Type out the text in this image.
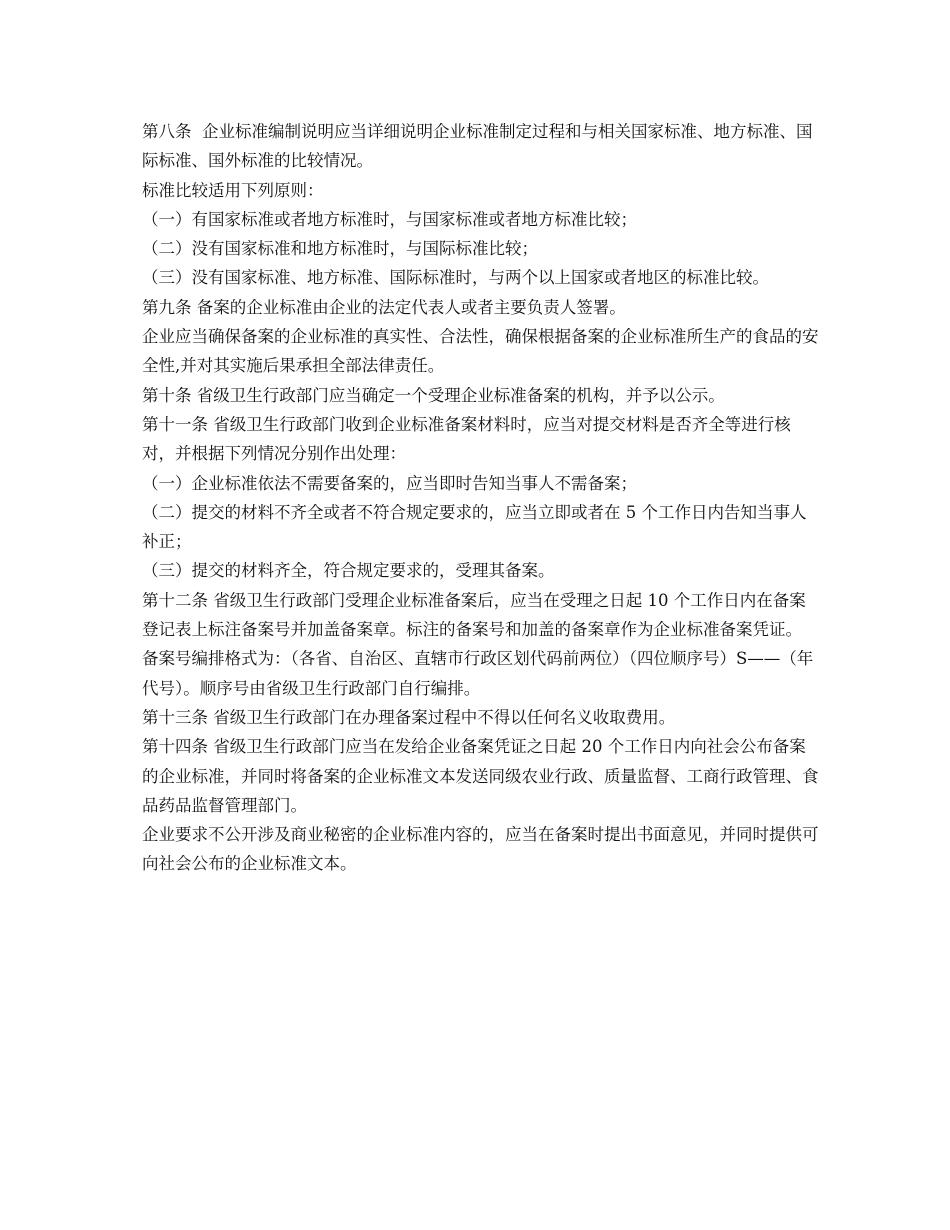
第八条  企业标准编制说明应当详细说明企业标准制定过程和与相关国家标准、地方标准、国际标准、国外标准的比较情况。

标准比较适用下列原则：

（一）有国家标准或者地方标准时，与国家标准或者地方标准比较；

（二）没有国家标准和地方标准时，与国际标准比较；

（三）没有国家标准、地方标准、国际标准时，与两个以上国家或者地区的标准比较。

第九条 备案的企业标准由企业的法定代表人或者主要负责人签署。

企业应当确保备案的企业标准的真实性、合法性，确保根据备案的企业标准所生产的食品的安全性,并对其实施后果承担全部法律责任。

第十条 省级卫生行政部门应当确定一个受理企业标准备案的机构，并予以公示。

第十一条 省级卫生行政部门收到企业标准备案材料时，应当对提交材料是否齐全等进行核对，并根据下列情况分别作出处理：

（一）企业标准依法不需要备案的，应当即时告知当事人不需备案；

（二）提交的材料不齐全或者不符合规定要求的，应当立即或者在 5 个工作日内告知当事人补正；

（三）提交的材料齐全，符合规定要求的，受理其备案。

第十二条 省级卫生行政部门受理企业标准备案后，应当在受理之日起 10 个工作日内在备案登记表上标注备案号并加盖备案章。标注的备案号和加盖的备案章作为企业标准备案凭证。

备案号编排格式为：（各省、自治区、直辖市行政区划代码前两位）（四位顺序号）S——（年代号）。顺序号由省级卫生行政部门自行编排。

第十三条 省级卫生行政部门在办理备案过程中不得以任何名义收取费用。

第十四条 省级卫生行政部门应当在发给企业备案凭证之日起 20 个工作日内向社会公布备案的企业标准，并同时将备案的企业标准文本发送同级农业行政、质量监督、工商行政管理、食品药品监督管理部门。

企业要求不公开涉及商业秘密的企业标准内容的，应当在备案时提出书面意见，并同时提供可向社会公布的企业标准文本。
